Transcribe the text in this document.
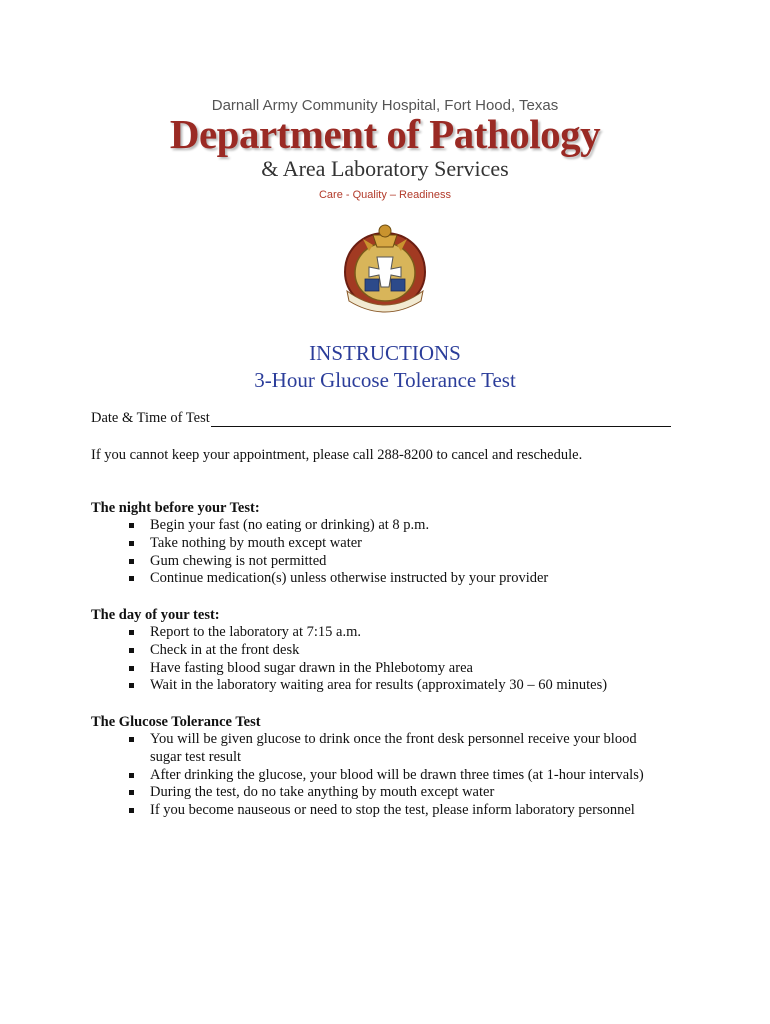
Darnall Army Community Hospital, Fort Hood, Texas
Department of Pathology
& Area Laboratory Services
Care - Quality – Readiness
INSTRUCTIONS
3-Hour Glucose Tolerance Test
Date & Time of Test
If you cannot keep your appointment, please call 288-8200 to cancel and reschedule.
The night before your Test:
Begin your fast (no eating or drinking) at 8 p.m.
Take nothing by mouth except water
Gum chewing is not permitted
Continue medication(s) unless otherwise instructed by your provider
The day of your test:
Report to the laboratory at 7:15 a.m.
Check in at the front desk
Have fasting blood sugar drawn in the Phlebotomy area
Wait in the laboratory waiting area for results (approximately 30 – 60 minutes)
The Glucose Tolerance Test
You will be given glucose to drink once the front desk personnel receive your blood sugar test result
After drinking the glucose, your blood will be drawn three times (at 1-hour intervals)
During the test, do no take anything by mouth except water
If you become nauseous or need to stop the test, please inform laboratory personnel
